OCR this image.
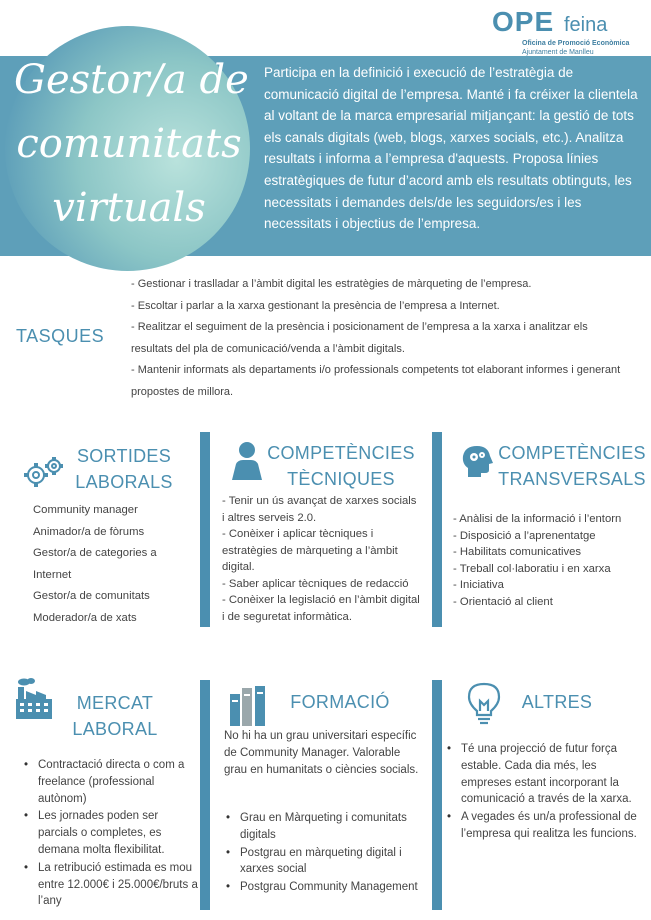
OPE feina
Oficina de Promoció Econòmica
Ajuntament de Manlleu
Gestor/a de
comunitats
virtuals
Participa en la definició i execució de l’estratègia de comunicació digital de l’empresa. Manté i fa créixer la clientela al voltant de la marca empresarial mitjançant: la gestió de tots els canals digitals (web, blogs, xarxes socials, etc.). Analitza resultats i informa a l’empresa d'aquests. Proposa línies estratègiques de futur d’acord amb els resultats obtinguts, les necessitats i demandes dels/de les seguidors/es i les necessitats i objectius de l’empresa.
TASQUES
- Gestionar i traslladar a l’àmbit digital les estratègies de màrqueting de l’empresa.
- Escoltar i parlar a la xarxa gestionant la presència de l’empresa a Internet.
- Realitzar el seguiment de la presència i posicionament de l’empresa a la xarxa i analitzar els resultats del pla de comunicació/venda a l’àmbit digitals.
- Mantenir informats als departaments i/o professionals competents tot elaborant informes i generant propostes de millora.
SORTIDES
LABORALS
Community manager
Animador/a de fòrums
Gestor/a de categories a
Internet
Gestor/a de comunitats
Moderador/a de xats
COMPETÈNCIES
TÈCNIQUES
- Tenir un ús avançat de xarxes socials i altres serveis 2.0.
- Conèixer i aplicar tècniques i estratègies de màrqueting a l’àmbit digital.
- Saber aplicar tècniques de redacció
- Conèixer la legislació en l’àmbit digital i de seguretat informàtica.
COMPETÈNCIES
TRANSVERSALS
- Anàlisi de la informació i l’entorn
- Disposició a l’aprenentatge
- Habilitats comunicatives
- Treball col·laboratiu i en xarxa
- Iniciativa
- Orientació al client
MERCAT
LABORAL
• Contractació directa o com a freelance (professional autònom)
• Les jornades poden ser parcials o completes, es demana molta flexibilitat.
• La retribució estimada es mou entre 12.000€ i 25.000€/bruts a l’any
FORMACIÓ
No hi ha un grau universitari específic de Community Manager. Valorable grau en humanitats o ciències socials.
• Grau en Màrqueting i comunitats digitals
• Postgrau en màrqueting digital i xarxes social
• Postgrau Community Management
ALTRES
• Té una projecció de futur força estable. Cada dia més, les empreses estant incorporant la comunicació a través de la xarxa.
• A vegades és un/a professional de l’empresa qui realitza les funcions.
